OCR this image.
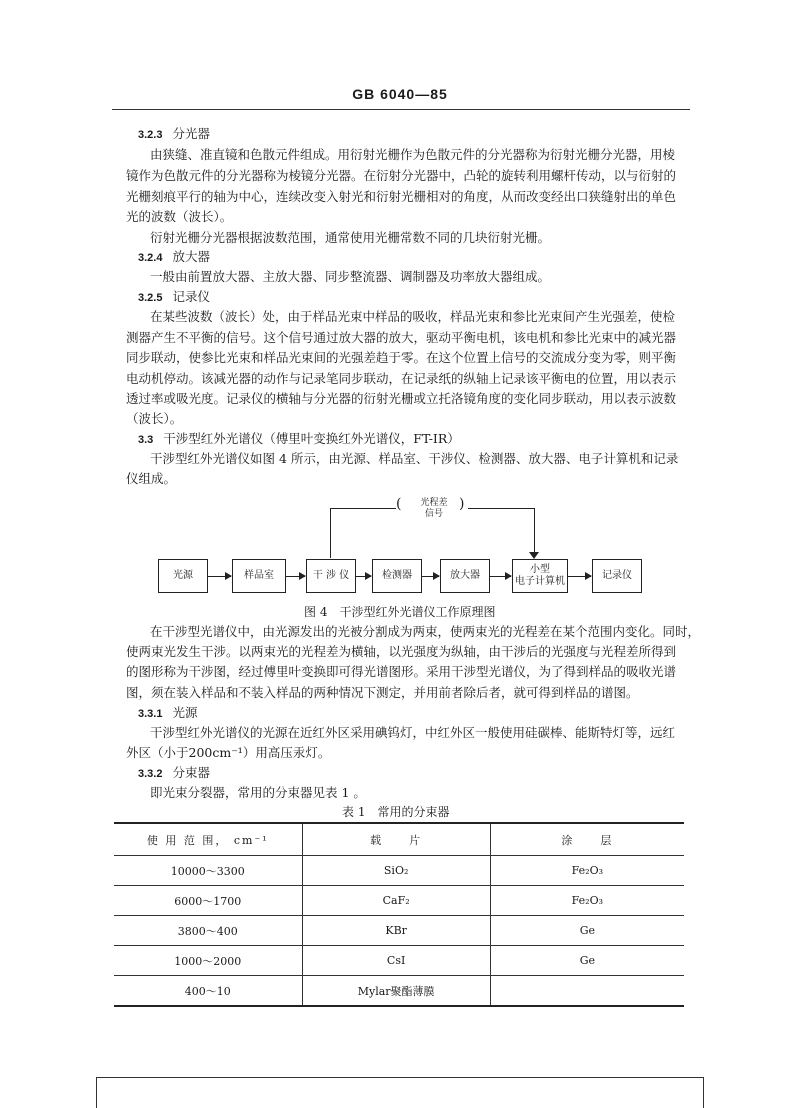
GB 6040—85
3.2.3 分光器
由狭缝、准直镜和色散元件组成。用衍射光栅作为色散元件的分光器称为衍射光栅分光器，用棱
镜作为色散元件的分光器称为棱镜分光器。在衍射分光器中，凸轮的旋转利用螺杆传动，以与衍射的
光栅刻痕平行的轴为中心，连续改变入射光和衍射光栅相对的角度，从而改变经出口狭缝射出的单色
光的波数（波长）。
衍射光栅分光器根据波数范围，通常使用光栅常数不同的几块衍射光栅。
3.2.4 放大器
一般由前置放大器、主放大器、同步整流器、调制器及功率放大器组成。
3.2.5 记录仪
在某些波数（波长）处，由于样品光束中样品的吸收，样品光束和参比光束间产生光强差，使检
测器产生不平衡的信号。这个信号通过放大器的放大，驱动平衡电机，该电机和参比光束中的减光器
同步联动，使参比光束和样品光束间的光强差趋于零。在这个位置上信号的交流成分变为零，则平衡
电动机停动。该减光器的动作与记录笔同步联动，在记录纸的纵轴上记录该平衡电的位置，用以表示
透过率或吸光度。记录仪的横轴与分光器的衍射光栅或立托洛镜角度的变化同步联动，用以表示波数
（波长）。
3.3 干涉型红外光谱仪（傅里叶变换红外光谱仪，FT-IR）
干涉型红外光谱仪如图 4 所示，由光源、样品室、干涉仪、检测器、放大器、电子计算机和记录
仪组成。
光程差
信号
(	)
光源	样品室	干 涉 仪	检测器	放大器
小型
电子计算机
记录仪
图 4　干涉型红外光谱仪工作原理图
在干涉型光谱仪中，由光源发出的光被分割成为两束，使两束光的光程差在某个范围内变化。同时，
使两束光发生干涉。以两束光的光程差为横轴，以光强度为纵轴，由干涉后的光强度与光程差所得到
的图形称为干涉图，经过傅里叶变换即可得光谱图形。采用干涉型光谱仪，为了得到样品的吸收光谱
图，须在装入样品和不装入样品的两种情况下测定，并用前者除后者，就可得到样品的谱图。
3.3.1 光源
干涉型红外光谱仪的光源在近红外区采用碘钨灯，中红外区一般使用硅碳棒、能斯特灯等，远红
外区（小于200cm⁻¹）用高压汞灯。
3.3.2 分束器
即光束分裂器，常用的分束器见表 1 。
表 1　常用的分束器
使 用 范 围， cm⁻¹	载　　片	涂　　层
10000～3300	SiO₂	Fe₂O₃
6000～1700	CaF₂	Fe₂O₃
3800～400	KBr	Ge
1000～2000	CsI	Ge
400～10	Mylar聚酯薄膜	
